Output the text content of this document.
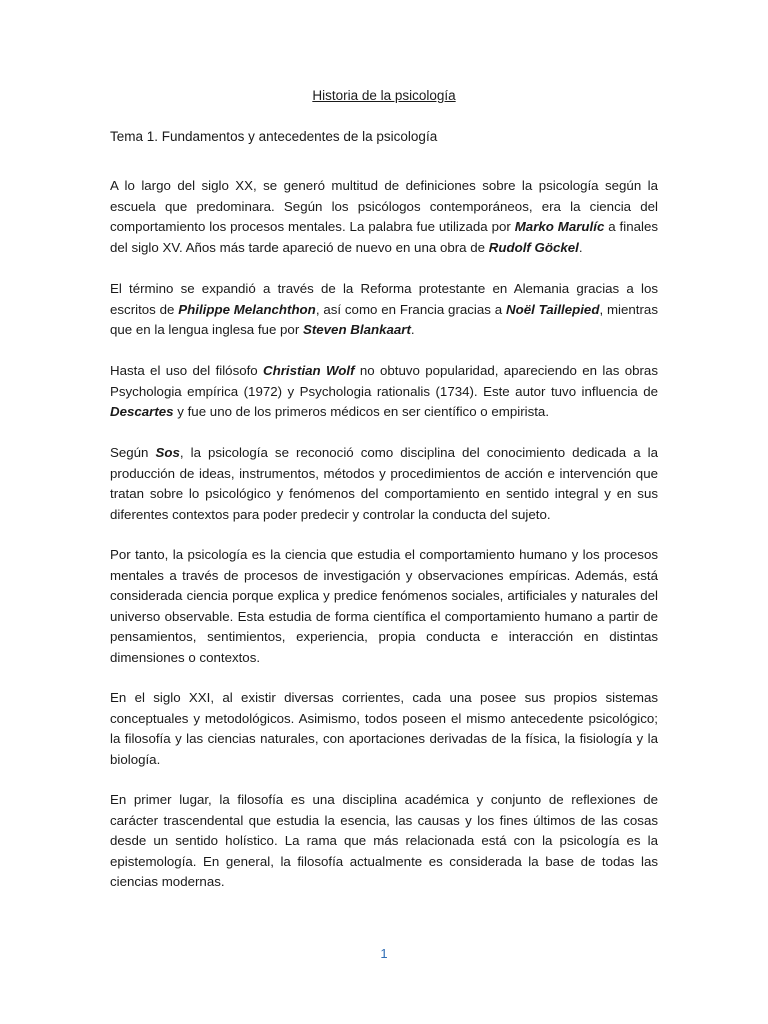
Historia de la psicología
Tema 1. Fundamentos y antecedentes de la psicología

A lo largo del siglo XX, se generó multitud de definiciones sobre la psicología según la escuela que predominara. Según los psicólogos contemporáneos, era la ciencia del comportamiento los procesos mentales. La palabra fue utilizada por Marko Marulíc a finales del siglo XV. Años más tarde apareció de nuevo en una obra de Rudolf Göckel.

El término se expandió a través de la Reforma protestante en Alemania gracias a los escritos de Philippe Melanchthon, así como en Francia gracias a Noël Taillepied, mientras que en la lengua inglesa fue por Steven Blankaart.

Hasta el uso del filósofo Christian Wolf no obtuvo popularidad, apareciendo en las obras Psychologia empírica (1972) y Psychologia rationalis (1734). Este autor tuvo influencia de Descartes y fue uno de los primeros médicos en ser científico o empirista.

Según Sos, la psicología se reconoció como disciplina del conocimiento dedicada a la producción de ideas, instrumentos, métodos y procedimientos de acción e intervención que tratan sobre lo psicológico y fenómenos del comportamiento en sentido integral y en sus diferentes contextos para poder predecir y controlar la conducta del sujeto.

Por tanto, la psicología es la ciencia que estudia el comportamiento humano y los procesos mentales a través de procesos de investigación y observaciones empíricas. Además, está considerada ciencia porque explica y predice fenómenos sociales, artificiales y naturales del universo observable. Esta estudia de forma científica el comportamiento humano a partir de pensamientos, sentimientos, experiencia, propia conducta e interacción en distintas dimensiones o contextos.

En el siglo XXI, al existir diversas corrientes, cada una posee sus propios sistemas conceptuales y metodológicos. Asimismo, todos poseen el mismo antecedente psicológico; la filosofía y las ciencias naturales, con aportaciones derivadas de la física, la fisiología y la biología.

En primer lugar, la filosofía es una disciplina académica y conjunto de reflexiones de carácter trascendental que estudia la esencia, las causas y los fines últimos de las cosas desde un sentido holístico. La rama que más relacionada está con la psicología es la epistemología. En general, la filosofía actualmente es considerada la base de todas las ciencias modernas.

1
